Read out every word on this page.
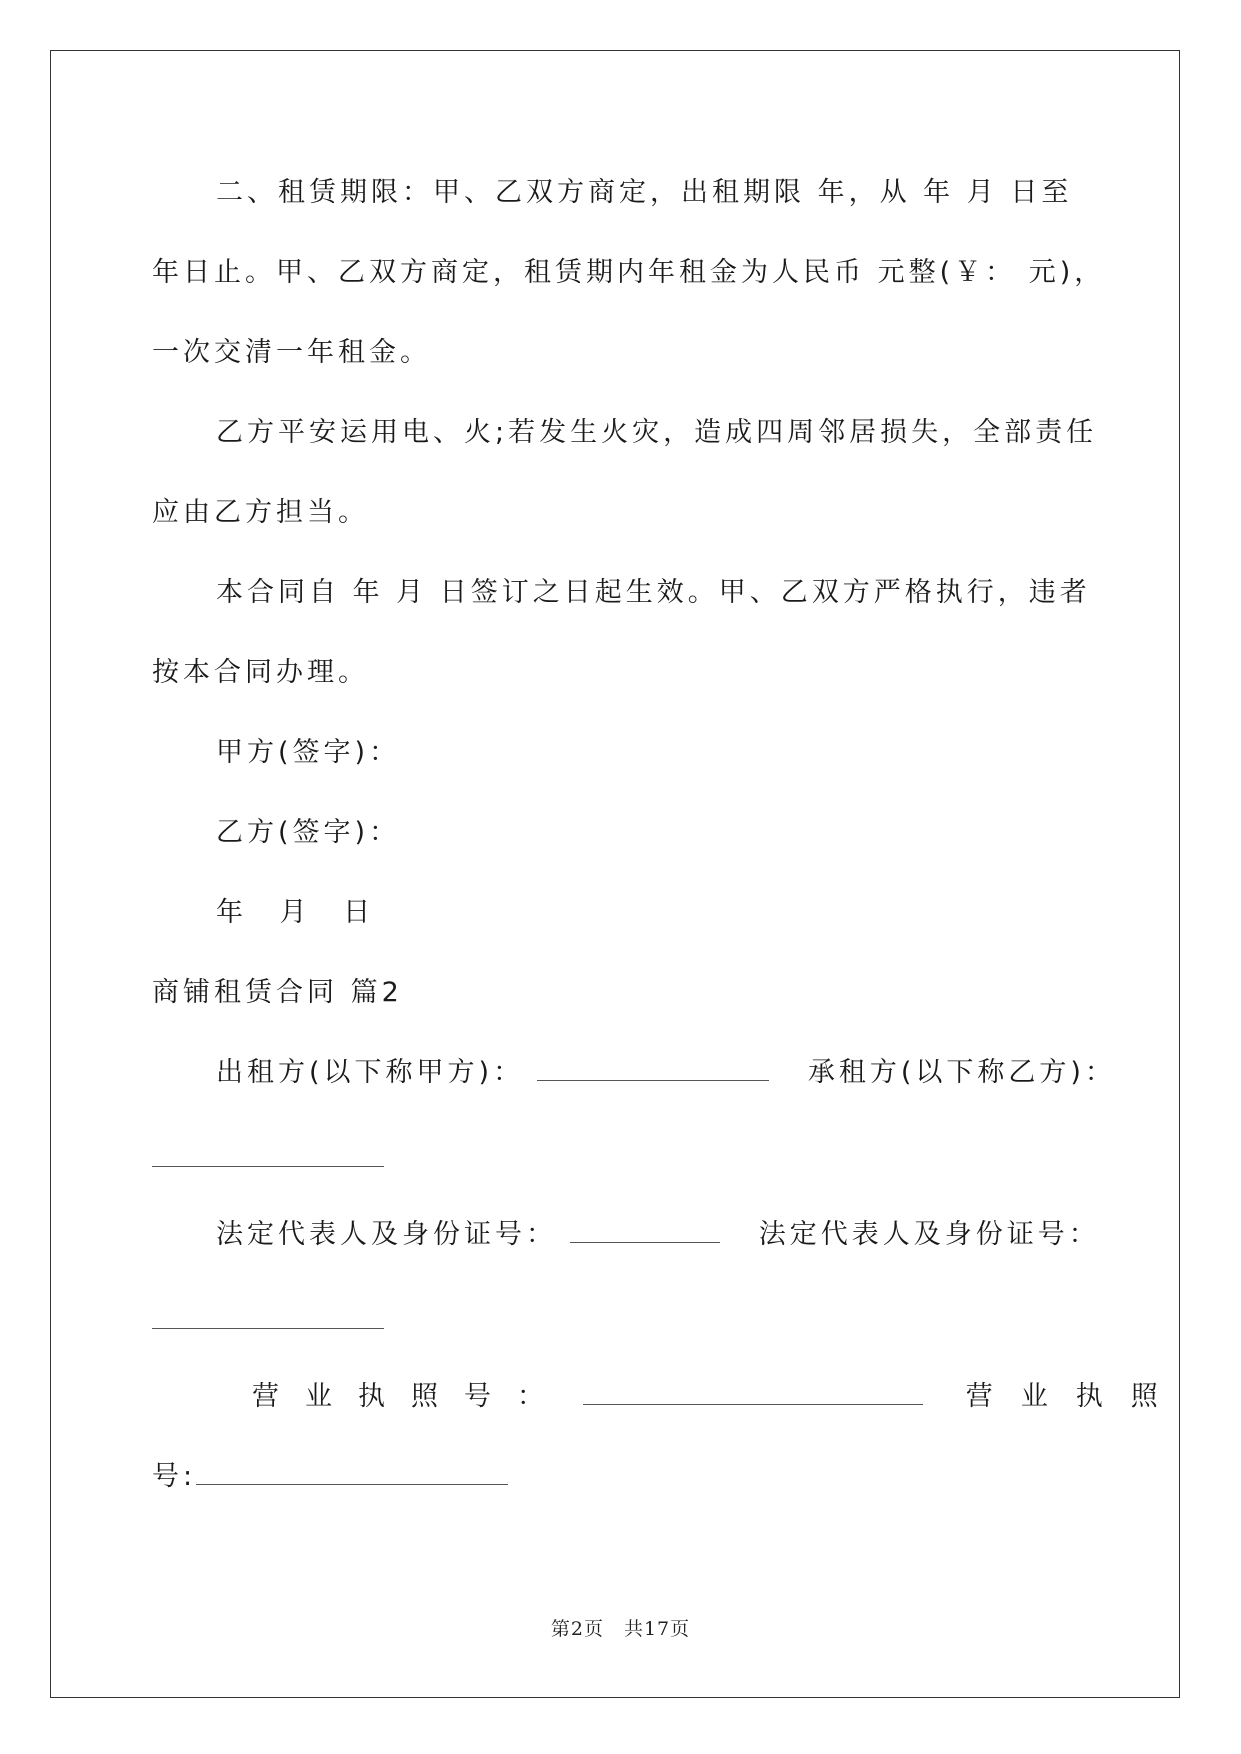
二、租赁期限：甲、乙双方商定，出租期限 年，从 年 月 日至
年日止。甲、乙双方商定，租赁期内年租金为人民币 元整(￥： 元)，
一次交清一年租金。
乙方平安运用电、火;若发生火灾，造成四周邻居损失，全部责任
应由乙方担当。
本合同自 年 月 日签订之日起生效。甲、乙双方严格执行，违者
按本合同办理。
甲方(签字)：
乙方(签字)：
年 月 日
商铺租赁合同 篇2
出租方(以下称甲方)：	承租方(以下称乙方)：
法定代表人及身份证号：	法定代表人及身份证号：
营业执照号：	营业执照
号:
第2页 共17页
